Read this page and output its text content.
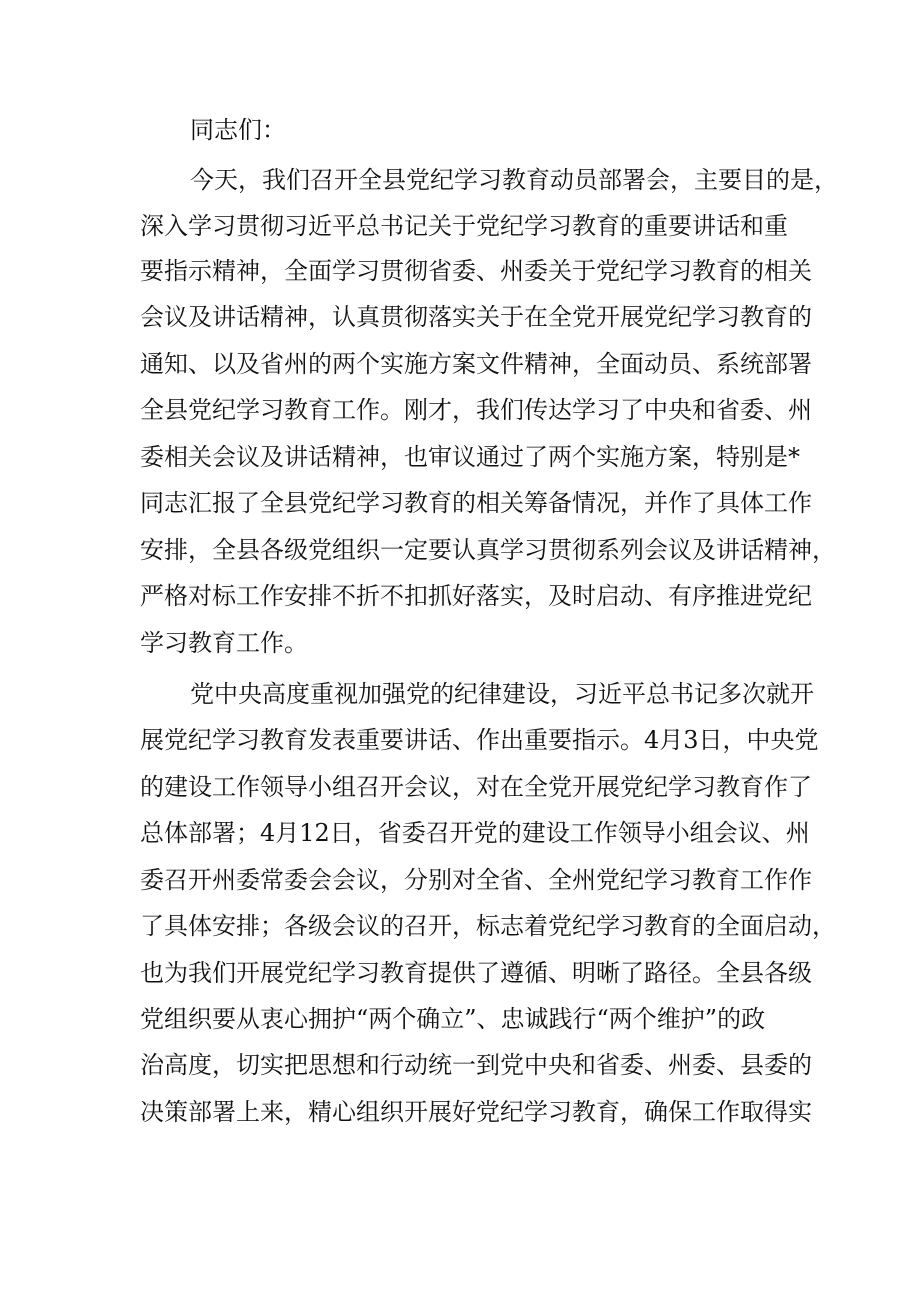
同志们：
今天，我们召开全县党纪学习教育动员部署会，主要目的是，
深入学习贯彻习近平总书记关于党纪学习教育的重要讲话和重
要指示精神，全面学习贯彻省委、州委关于党纪学习教育的相关
会议及讲话精神，认真贯彻落实关于在全党开展党纪学习教育的
通知、以及省州的两个实施方案文件精神，全面动员、系统部署
全县党纪学习教育工作。刚才，我们传达学习了中央和省委、州
委相关会议及讲话精神，也审议通过了两个实施方案，特别是*
同志汇报了全县党纪学习教育的相关筹备情况，并作了具体工作
安排，全县各级党组织一定要认真学习贯彻系列会议及讲话精神，
严格对标工作安排不折不扣抓好落实，及时启动、有序推进党纪
学习教育工作。
党中央高度重视加强党的纪律建设，习近平总书记多次就开
展党纪学习教育发表重要讲话、作出重要指示。4月3日，中央党
的建设工作领导小组召开会议，对在全党开展党纪学习教育作了
总体部署；4月12日，省委召开党的建设工作领导小组会议、州
委召开州委常委会会议，分别对全省、全州党纪学习教育工作作
了具体安排；各级会议的召开，标志着党纪学习教育的全面启动，
也为我们开展党纪学习教育提供了遵循、明晰了路径。全县各级
党组织要从衷心拥护“两个确立”、忠诚践行“两个维护”的政
治高度，切实把思想和行动统一到党中央和省委、州委、县委的
决策部署上来，精心组织开展好党纪学习教育，确保工作取得实
